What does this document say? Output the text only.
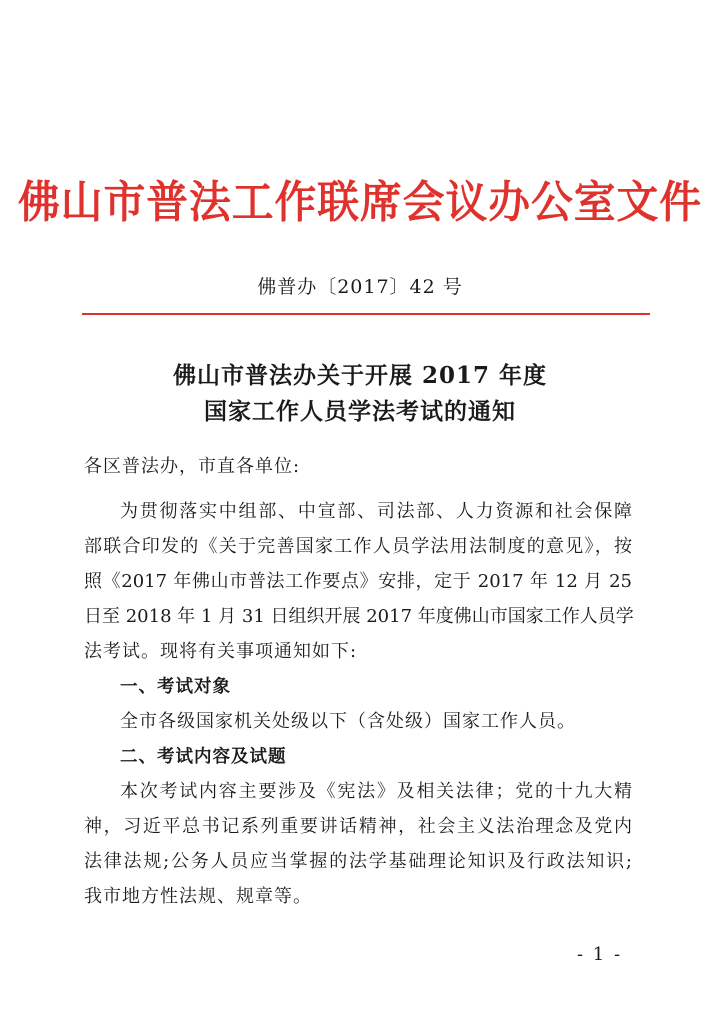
佛山市普法工作联席会议办公室文件
佛普办〔2017〕42 号
佛山市普法办关于开展 2017 年度
国家工作人员学法考试的通知
各区普法办，市直各单位:
为贯彻落实中组部、中宣部、司法部、人力资源和社会保障
部联合印发的《关于完善国家工作人员学法用法制度的意见》，按
照《2017 年佛山市普法工作要点》安排，定于 2017 年 12 月 25
日至 2018 年 1 月 31 日组织开展 2017 年度佛山市国家工作人员学
法考试。现将有关事项通知如下:
一、考试对象
全市各级国家机关处级以下（含处级）国家工作人员。
二、考试内容及试题
本次考试内容主要涉及《宪法》及相关法律；党的十九大精
神，习近平总书记系列重要讲话精神，社会主义法治理念及党内
法律法规;公务人员应当掌握的法学基础理论知识及行政法知识;
我市地方性法规、规章等。
- 1 -
